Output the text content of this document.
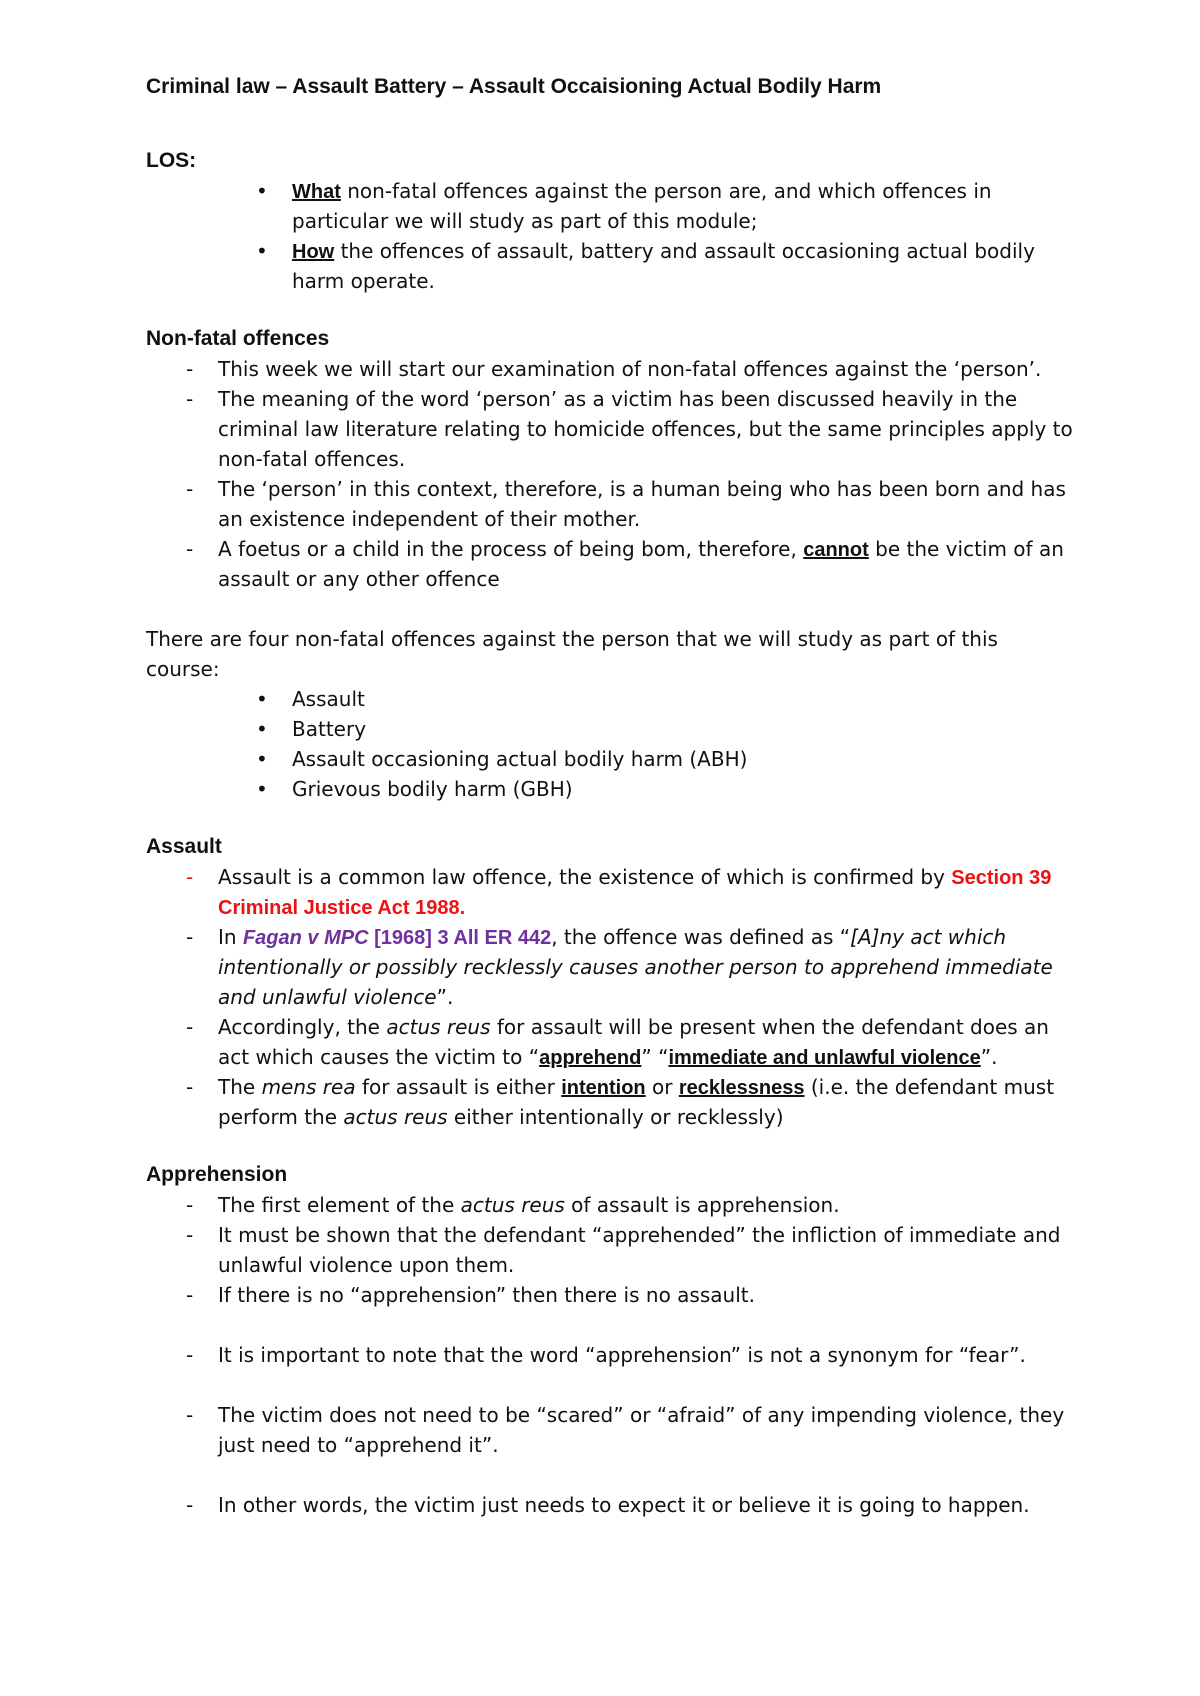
Criminal law – Assault Battery – Assault Occaisioning Actual Bodily Harm
LOS:
• What non-fatal offences against the person are, and which offences in
particular we will study as part of this module;
• How the offences of assault, battery and assault occasioning actual bodily
harm operate.
Non-fatal offences
- This week we will start our examination of non-fatal offences against the ‘person’.
- The meaning of the word ‘person’ as a victim has been discussed heavily in the
criminal law literature relating to homicide offences, but the same principles apply to
non-fatal offences.
- The ‘person’ in this context, therefore, is a human being who has been born and has
an existence independent of their mother.
- A foetus or a child in the process of being bom, therefore, cannot be the victim of an
assault or any other offence
There are four non-fatal offences against the person that we will study as part of this
course:
• Assault
• Battery
• Assault occasioning actual bodily harm (ABH)
• Grievous bodily harm (GBH)
Assault
- Assault is a common law offence, the existence of which is confirmed by Section 39
Criminal Justice Act 1988.
- In Fagan v MPC [1968] 3 All ER 442, the offence was defined as “[A]ny act which
intentionally or possibly recklessly causes another person to apprehend immediate
and unlawful violence”.
- Accordingly, the actus reus for assault will be present when the defendant does an
act which causes the victim to “apprehend” “immediate and unlawful violence”.
- The mens rea for assault is either intention or recklessness (i.e. the defendant must
perform the actus reus either intentionally or recklessly)
Apprehension
- The first element of the actus reus of assault is apprehension.
- It must be shown that the defendant “apprehended” the infliction of immediate and
unlawful violence upon them.
- If there is no “apprehension” then there is no assault.
- It is important to note that the word “apprehension” is not a synonym for “fear”.
- The victim does not need to be “scared” or “afraid” of any impending violence, they
just need to “apprehend it”.
- In other words, the victim just needs to expect it or believe it is going to happen.
